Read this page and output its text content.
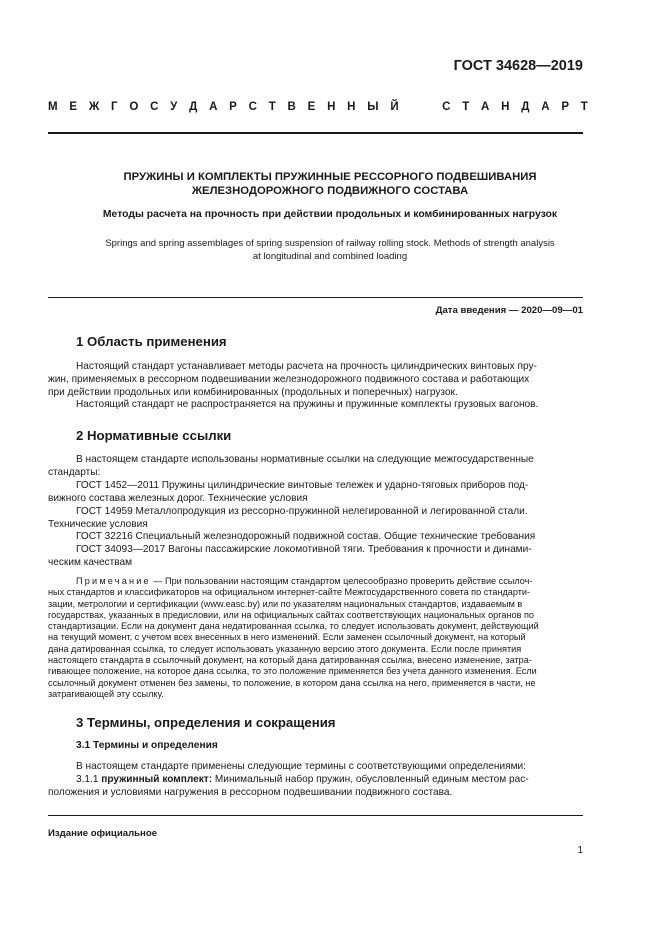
ГОСТ 34628—2019
М Е Ж Г О С У Д А Р С Т В Е Н Н Ы Й	С Т А Н Д А Р Т
ПРУЖИНЫ И КОМПЛЕКТЫ ПРУЖИННЫЕ РЕССОРНОГО ПОДВЕШИВАНИЯ
ЖЕЛЕЗНОДОРОЖНОГО ПОДВИЖНОГО СОСТАВА
Методы расчета на прочность при действии продольных и комбинированных нагрузок
Springs and spring assemblages of spring suspension of railway rolling stock. Methods of strength analysis
at longitudinal and combined loading
Дата введения — 2020—09—01
1 Область применения
Настоящий стандарт устанавливает методы расчета на прочность цилиндрических винтовых пру-
жин, применяемых в рессорном подвешивании железнодорожного подвижного состава и работающих
при действии продольных или комбинированных (продольных и поперечных) нагрузок.
Настоящий стандарт не распространяется на пружины и пружинные комплекты грузовых вагонов.
2 Нормативные ссылки
В настоящем стандарте использованы нормативные ссылки на следующие межгосударственные
стандарты:
ГОСТ 1452—2011 Пружины цилиндрические винтовые тележек и ударно-тяговых приборов под-
вижного состава железных дорог. Технические условия
ГОСТ 14959 Металлопродукция из рессорно-пружинной нелегированной и легированной стали.
Технические условия
ГОСТ 32216 Специальный железнодорожный подвижной состав. Общие технические требования
ГОСТ 34093—2017 Вагоны пассажирские локомотивной тяги. Требования к прочности и динами-
ческим качествам
Примечание — При пользовании настоящим стандартом целесообразно проверить действие ссылоч-
ных стандартов и классификаторов на официальном интернет-сайте Межгосударственного совета по стандарти-
зации, метрологии и сертификации (www.easc.by) или по указателям национальных стандартов, издаваемым в
государствах, указанных в предисловии, или на официальных сайтах соответствующих национальных органов по
стандартизации. Если на документ дана недатированная ссылка, то следует использовать документ, действующий
на текущий момент, с учетом всех внесенных в него изменений. Если заменен ссылочный документ, на который
дана датированная ссылка, то следует использовать указанную версию этого документа. Если после принятия
настоящего стандарта в ссылочный документ, на который дана датированная ссылка, внесено изменение, затра-
гивающее положение, на которое дана ссылка, то это положение применяется без учета данного изменения. Если
ссылочный документ отменен без замены, то положение, в котором дана ссылка на него, применяется в части, не
затрагивающей эту ссылку.
3 Термины, определения и сокращения
3.1 Термины и определения
В настоящем стандарте применены следующие термины с соответствующими определениями:
3.1.1 пружинный комплект: Минимальный набор пружин, обусловленный единым местом рас-
положения и условиями нагружения в рессорном подвешивании подвижного состава.
Издание официальное
1
